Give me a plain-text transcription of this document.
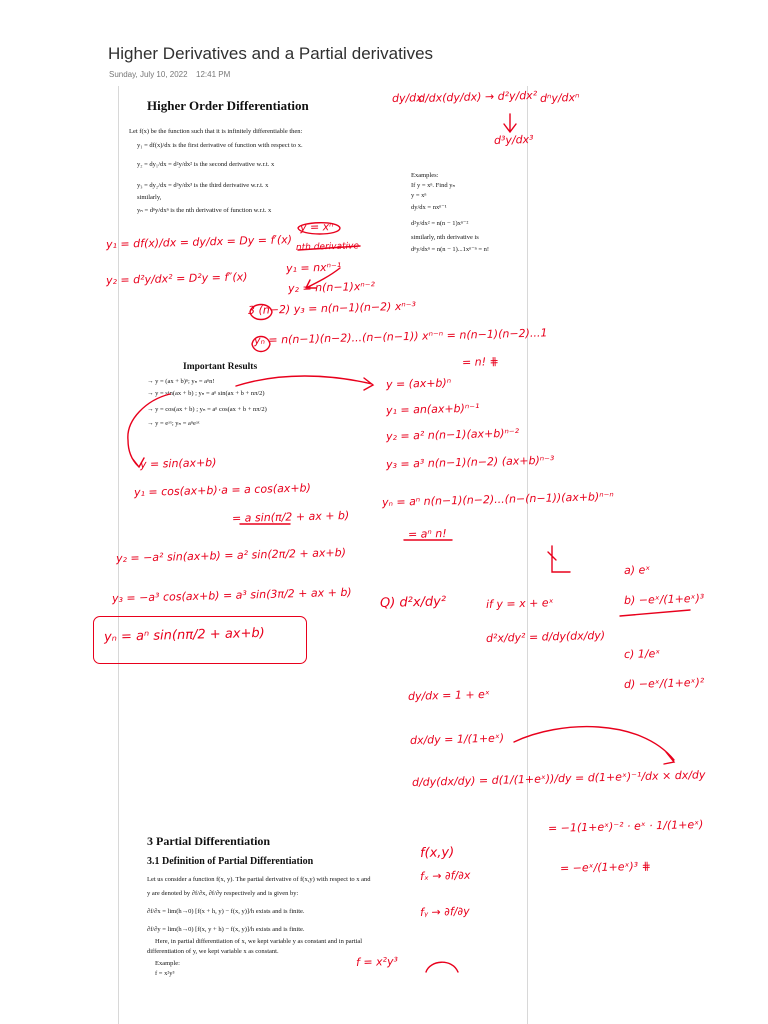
Higher Derivatives and a Partial derivatives
Sunday, July 10, 2022 12:41 PM
Higher Order Differentiation
Let f(x) be the function such that it is infinitely differentiable then:
y₁ = df(x)/dx is the first derivative of function with respect to x.
y₂ = dy₁/dx = d²y/dx² is the second derivative w.r.t. x
y₃ = dy₂/dx = d³y/dx³ is the third derivative w.r.t. x
similarly,
yₙ = dⁿy/dxⁿ is the nth derivative of function w.r.t. x
Examples:
If y = xⁿ. Find yₙ
y = xⁿ
dy/dx = nxⁿ⁻¹
d²y/dx² = n(n − 1)xⁿ⁻²
similarly, nth derivative is
dⁿy/dxⁿ = n(n − 1)...1xⁿ⁻ⁿ = n!
Important Results
→ y = (ax + b)ⁿ; yₙ = aⁿn!
→ y = sin(ax + b) ; yₙ = aⁿ sin(ax + b + nπ/2)
→ y = cos(ax + b) ; yₙ = aⁿ cos(ax + b + nπ/2)
→ y = eᵃˣ; yₙ = aⁿeᵃˣ
3 Partial Differentiation
3.1 Definition of Partial Differentiation
Let us consider a function f(x, y). The partial derivative of f(x,y) with respect to x and
y are denoted by ∂f/∂x, ∂f/∂y respectively and is given by:
∂f/∂x = lim(h→0) [f(x + h, y) − f(x, y)]/h exists and is finite.
∂f/∂y = lim(h→0) [f(x, y + h) − f(x, y)]/h exists and is finite.
Here, in partial differentiation of x, we kept variable y as constant and in partial
differentiation of y, we kept variable x as constant.
Example:
f = x²y³
dy/dx
d/dx(dy/dx) → d²y/dx² dⁿy/dxⁿ
d³y/dx³
y₁ = df(x)/dx = dy/dx = Dy = f′(x)
y₂ = d²y/dx² = D²y = f″(x)
y = xⁿ
nth derivative
y₁ = nxⁿ⁻¹
y₂ = n(n−1)xⁿ⁻²
3 (n−2) y₃ = n(n−1)(n−2) xⁿ⁻³
yₙ = n(n−1)(n−2)...(n−(n−1)) xⁿ⁻ⁿ = n(n−1)(n−2)...1
= n! ⋕
y = (ax+b)ⁿ
y₁ = an(ax+b)ⁿ⁻¹
y₂ = a² n(n−1)(ax+b)ⁿ⁻²
y₃ = a³ n(n−1)(n−2) (ax+b)ⁿ⁻³
yₙ = aⁿ n(n−1)(n−2)...(n−(n−1))(ax+b)ⁿ⁻ⁿ
= aⁿ n!
y = sin(ax+b)
y₁ = cos(ax+b)·a = a cos(ax+b)
= a sin(π/2 + ax + b)
y₂ = −a² sin(ax+b) = a² sin(2π/2 + ax+b)
y₃ = −a³ cos(ax+b) = a³ sin(3π/2 + ax + b)
yₙ = aⁿ sin(nπ/2 + ax+b)
Q) d²x/dy²	if y = x + eˣ
d²x/dy² = d/dy(dx/dy)
a) eˣ
b) −eˣ/(1+eˣ)³
c) 1/eˣ
d) −eˣ/(1+eˣ)²
dy/dx = 1 + eˣ
dx/dy = 1/(1+eˣ)
d/dy(dx/dy) = d(1/(1+eˣ))/dy = d(1+eˣ)⁻¹/dx × dx/dy
= −1(1+eˣ)⁻² · eˣ · 1/(1+eˣ)
= −eˣ/(1+eˣ)³ ⋕
f(x,y)
fₓ → ∂f/∂x
fᵧ → ∂f/∂y
f = x²y³
